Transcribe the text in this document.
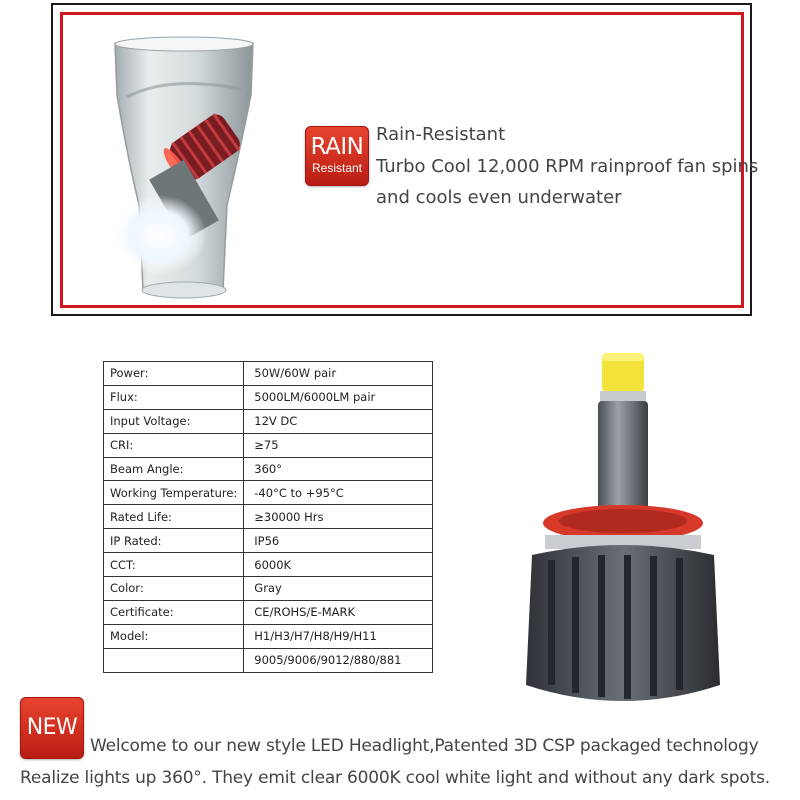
RAIN
Resistant
Rain-Resistant
Turbo Cool 12,000 RPM rainproof fan spins
and cools even underwater
Power:	50W/60W pair
Flux:	5000LM/6000LM pair
Input Voltage:	12V DC
CRI:	≥75
Beam Angle:	360°
Working Temperature:	-40°C to +95°C
Rated Life:	≥30000 Hrs
IP Rated:	IP56
CCT:	6000K
Color:	Gray
Certificate:	CE/ROHS/E-MARK
Model:	H1/H3/H7/H8/H9/H11
	9005/9006/9012/880/881
NEW
Welcome to our new style LED Headlight,Patented 3D CSP packaged technology
Realize lights up 360°. They emit clear 6000K cool white light and without any dark spots.
